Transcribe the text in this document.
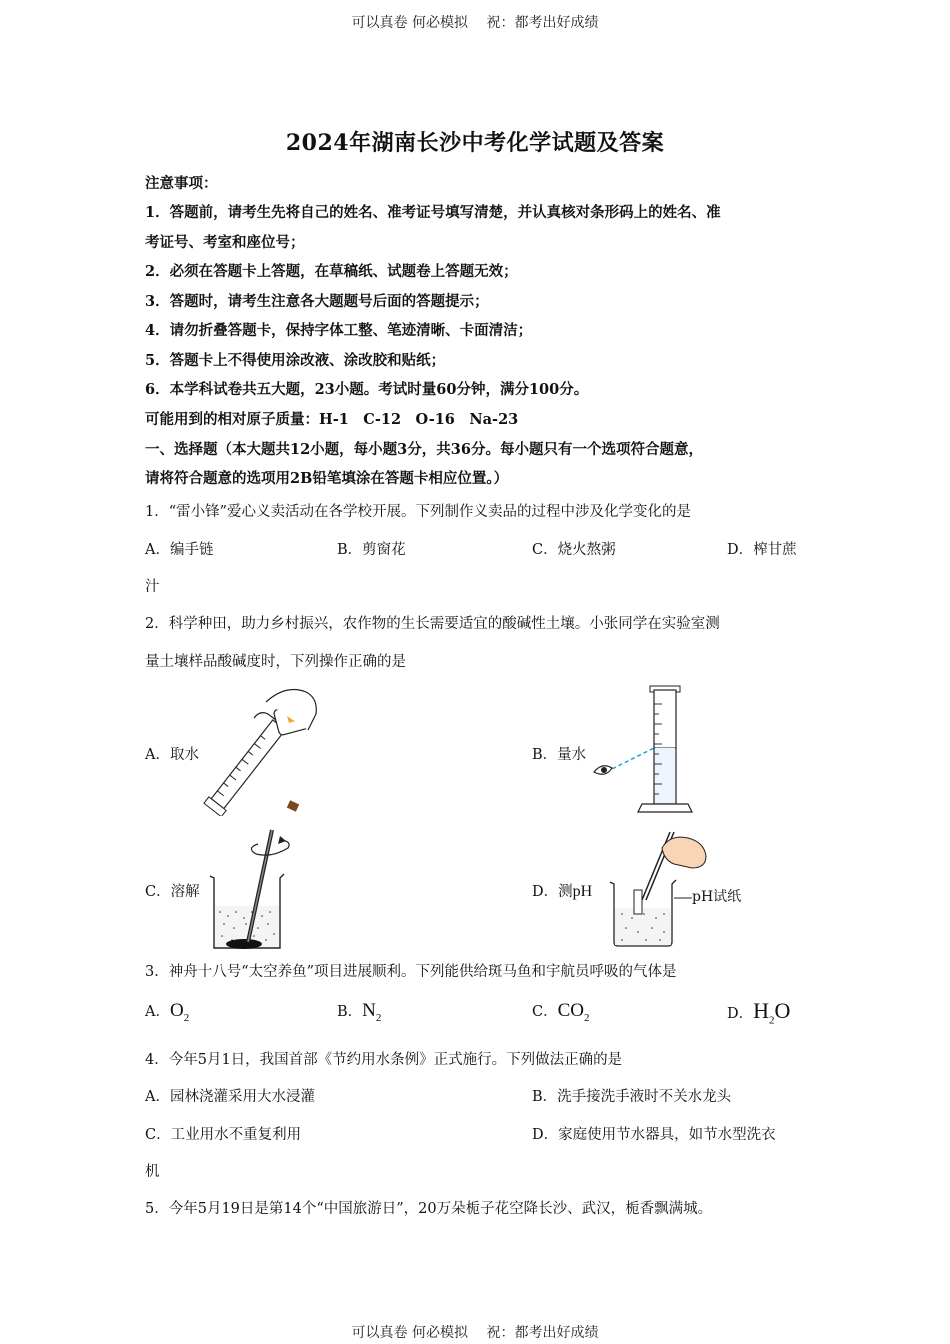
可以真卷 何必模拟　 祝：都考出好成绩
2024年湖南长沙中考化学试题及答案
注意事项：
1．答题前，请考生先将自己的姓名、准考证号填写清楚，并认真核对条形码上的姓名、准
考证号、考室和座位号；
2．必须在答题卡上答题，在草稿纸、试题卷上答题无效；
3．答题时，请考生注意各大题题号后面的答题提示；
4．请勿折叠答题卡，保持字体工整、笔迹清晰、卡面清洁；
5．答题卡上不得使用涂改液、涂改胶和贴纸；
6．本学科试卷共五大题，23小题。考试时量60分钟，满分100分。
可能用到的相对原子质量：H-1　C-12　O-16　Na-23
一、选择题（本大题共12小题，每小题3分，共36分。每小题只有一个选项符合题意，
请将符合题意的选项用2B铅笔填涂在答题卡相应位置。）
1．“雷小锋”爱心义卖活动在各学校开展。下列制作义卖品的过程中涉及化学变化的是
A．编手链	B．剪窗花	C．烧火熬粥	D．榨甘蔗
汁
2．科学种田，助力乡村振兴，农作物的生长需要适宜的酸碱性土壤。小张同学在实验室测
量土壤样品酸碱度时，下列操作正确的是
A．取水	B．量水
C．溶解	D．测pH	pH试纸
3．神舟十八号“太空养鱼”项目进展顺利。下列能供给斑马鱼和宇航员呼吸的气体是
A．$O_2$	B．$N_2$	C．$CO_2$	D．$H_2O$
4．今年5月1日，我国首部《节约用水条例》正式施行。下列做法正确的是
A．园林浇灌采用大水浸灌	B．洗手接洗手液时不关水龙头
C．工业用水不重复利用	D．家庭使用节水器具，如节水型洗衣
机
5．今年5月19日是第14个“中国旅游日”，20万朵栀子花空降长沙、武汉，栀香飘满城。
可以真卷 何必模拟　 祝：都考出好成绩
